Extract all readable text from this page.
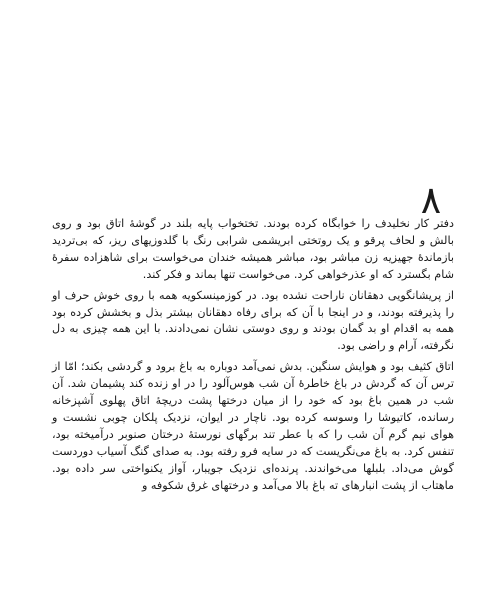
۸

دفتر کار نخلیدف را خوابگاه کرده بودند. تختخواب پایه بلند در گوشهٔ اتاق بود و روی بالش و لحاف پرقو و یک روتختی ابریشمی شرابی رنگ با گلدوزیهای ریز، که بی‌تردید بازماندهٔ جهیزیه زن مباشر بود، مباشر همیشه خندان می‌خواست برای شاهزاده سفرهٔ شام بگسترد که او عذرخواهی کرد. می‌خواست تنها بماند و فکر کند.

از پریشانگویی دهقانان ناراحت نشده بود. در کوزمینسکویه همه با روی خوش حرف او را پذیرفته بودند، و در اینجا با آن که برای رفاه دهقانان بیشتر بذل و بخشش کرده بود همه به اقدام او بد گمان بودند و روی دوستی نشان نمی‌دادند. با این همه چیزی به دل نگرفته، آرام و راضی بود.

اتاق کثیف بود و هوایش سنگین. بدش نمی‌آمد دوباره به باغ برود و گردشی بکند؛ امّا از ترس آن که گردش در باغ خاطرهٔ آن شب هوس‌آلود را در او زنده کند پشیمان شد. آن شب در همین باغ بود که خود را از میان درختها پشت دریچهٔ اتاق پهلوی آشپزخانه رسانده، کاتیوشا را وسوسه کرده بود. ناچار در ایوان، نزدیک پلکان چوبی نشست و هوای نیم گرم آن شب را که با عطر تند برگهای نورستهٔ درختان صنوبر درآمیخته بود، تنفس کرد. به باغ می‌نگریست که در سایه فرو رفته بود. به صدای گنگ آسیاب دوردست گوش می‌داد. بلبلها می‌خواندند. پرنده‌ای نزدیک جویبار، آواز یکنواختی سر داده بود. ماهتاب از پشت انبارهای ته باغ بالا می‌آمد و درختهای غرق شکوفه و
